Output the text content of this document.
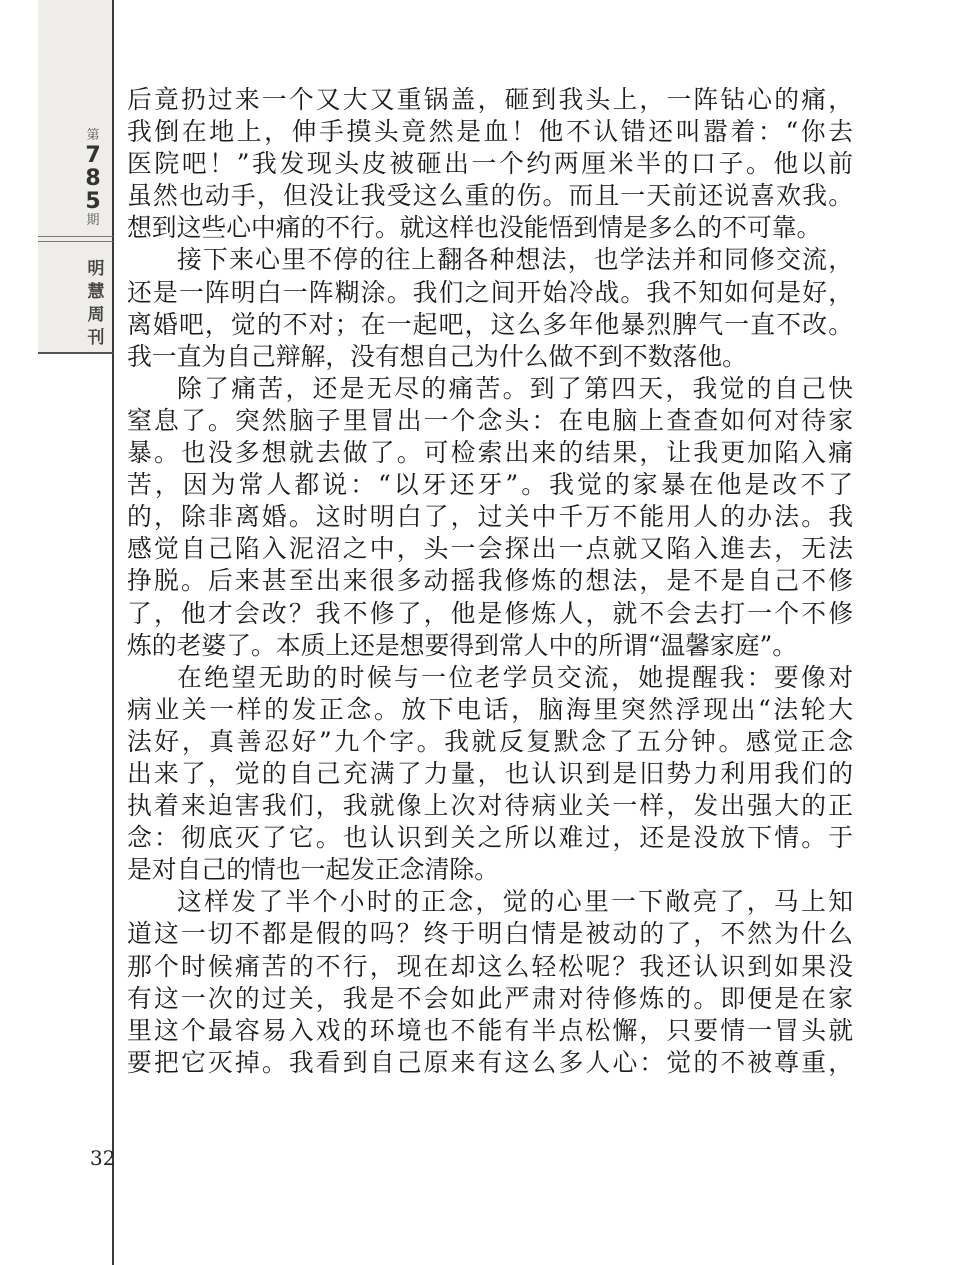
第
7
8
5
期
明
慧
周
刊
32
后竟扔过来一个又大又重锅盖，砸到我头上，一阵钻心的痛，
我倒在地上，伸手摸头竟然是血！他不认错还叫嚣着：“你去
医院吧！”我发现头皮被砸出一个约两厘米半的口子。他以前
虽然也动手，但没让我受这么重的伤。而且一天前还说喜欢我。
想到这些心中痛的不行。就这样也没能悟到情是多么的不可靠。
接下来心里不停的往上翻各种想法，也学法并和同修交流，
还是一阵明白一阵糊涂。我们之间开始冷战。我不知如何是好，
离婚吧，觉的不对；在一起吧，这么多年他暴烈脾气一直不改。
我一直为自己辩解，没有想自己为什么做不到不数落他。
除了痛苦，还是无尽的痛苦。到了第四天，我觉的自己快
窒息了。突然脑子里冒出一个念头：在电脑上查查如何对待家
暴。也没多想就去做了。可检索出来的结果，让我更加陷入痛
苦，因为常人都说：“以牙还牙”。我觉的家暴在他是改不了
的，除非离婚。这时明白了，过关中千万不能用人的办法。我
感觉自己陷入泥沼之中，头一会探出一点就又陷入進去，无法
挣脱。后来甚至出来很多动摇我修炼的想法，是不是自己不修
了，他才会改？我不修了，他是修炼人，就不会去打一个不修
炼的老婆了。本质上还是想要得到常人中的所谓“温馨家庭”。
在绝望无助的时候与一位老学员交流，她提醒我：要像对
病业关一样的发正念。放下电话，脑海里突然浮现出“法轮大
法好，真善忍好”九个字。我就反复默念了五分钟。感觉正念
出来了，觉的自己充满了力量，也认识到是旧势力利用我们的
执着来迫害我们，我就像上次对待病业关一样，发出强大的正
念：彻底灭了它。也认识到关之所以难过，还是没放下情。于
是对自己的情也一起发正念清除。
这样发了半个小时的正念，觉的心里一下敞亮了，马上知
道这一切不都是假的吗？终于明白情是被动的了，不然为什么
那个时候痛苦的不行，现在却这么轻松呢？我还认识到如果没
有这一次的过关，我是不会如此严肃对待修炼的。即便是在家
里这个最容易入戏的环境也不能有半点松懈，只要情一冒头就
要把它灭掉。我看到自己原来有这么多人心：觉的不被尊重，
